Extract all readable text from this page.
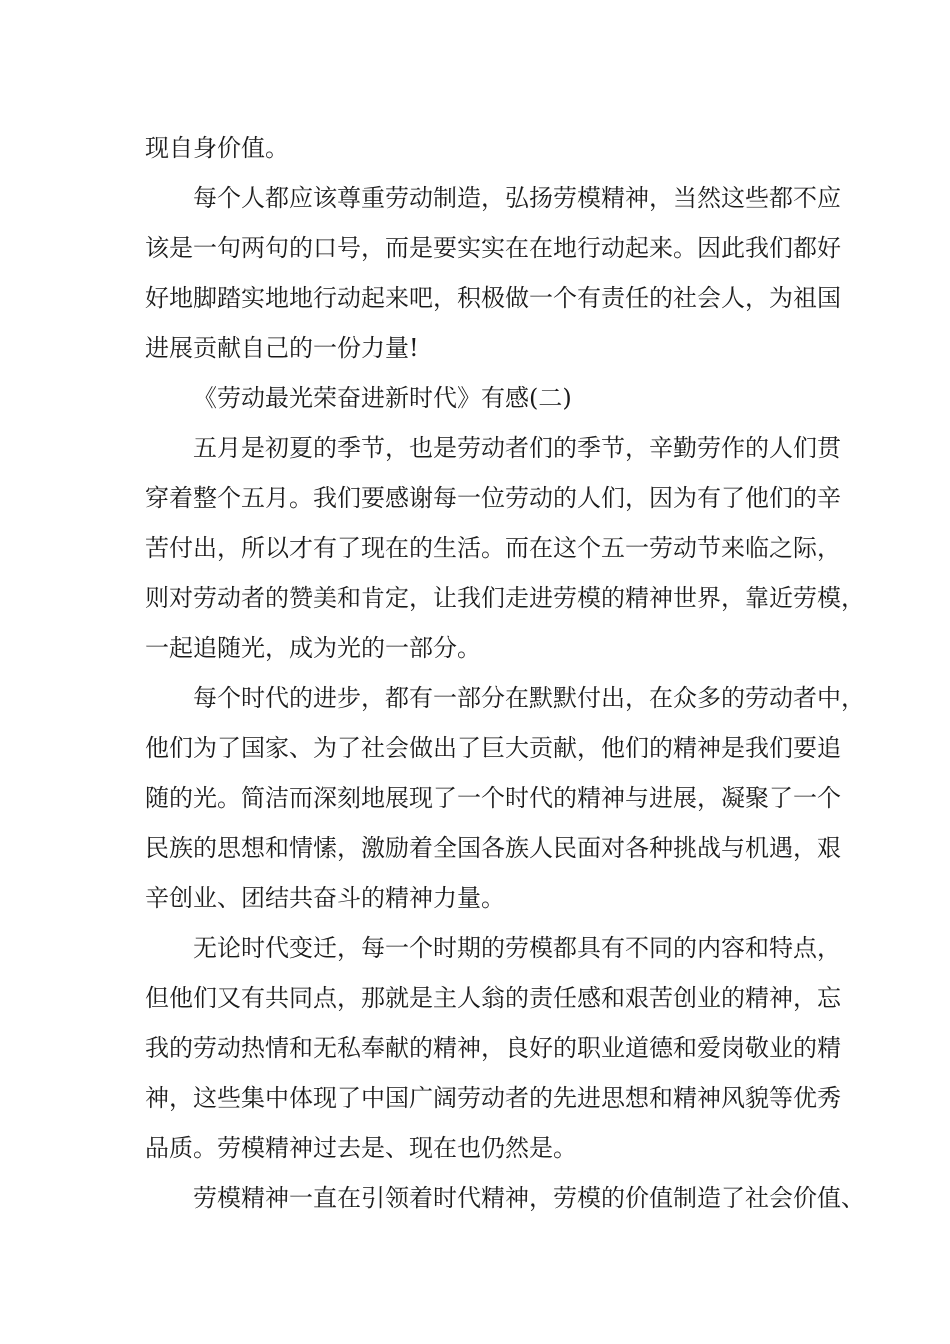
现自身价值。
每个人都应该尊重劳动制造，弘扬劳模精神，当然这些都不应
该是一句两句的口号，而是要实实在在地行动起来。因此我们都好
好地脚踏实地地行动起来吧，积极做一个有责任的社会人，为祖国
进展贡献自己的一份力量!
《劳动最光荣奋进新时代》有感(二)
五月是初夏的季节，也是劳动者们的季节，辛勤劳作的人们贯
穿着整个五月。我们要感谢每一位劳动的人们，因为有了他们的辛
苦付出，所以才有了现在的生活。而在这个五一劳动节来临之际，
则对劳动者的赞美和肯定，让我们走进劳模的精神世界，靠近劳模，
一起追随光，成为光的一部分。
每个时代的进步，都有一部分在默默付出，在众多的劳动者中，
他们为了国家、为了社会做出了巨大贡献，他们的精神是我们要追
随的光。简洁而深刻地展现了一个时代的精神与进展，凝聚了一个
民族的思想和情愫，激励着全国各族人民面对各种挑战与机遇，艰
辛创业、团结共奋斗的精神力量。
无论时代变迁，每一个时期的劳模都具有不同的内容和特点，
但他们又有共同点，那就是主人翁的责任感和艰苦创业的精神，忘
我的劳动热情和无私奉献的精神，良好的职业道德和爱岗敬业的精
神，这些集中体现了中国广阔劳动者的先进思想和精神风貌等优秀
品质。劳模精神过去是、现在也仍然是。
劳模精神一直在引领着时代精神，劳模的价值制造了社会价值、
